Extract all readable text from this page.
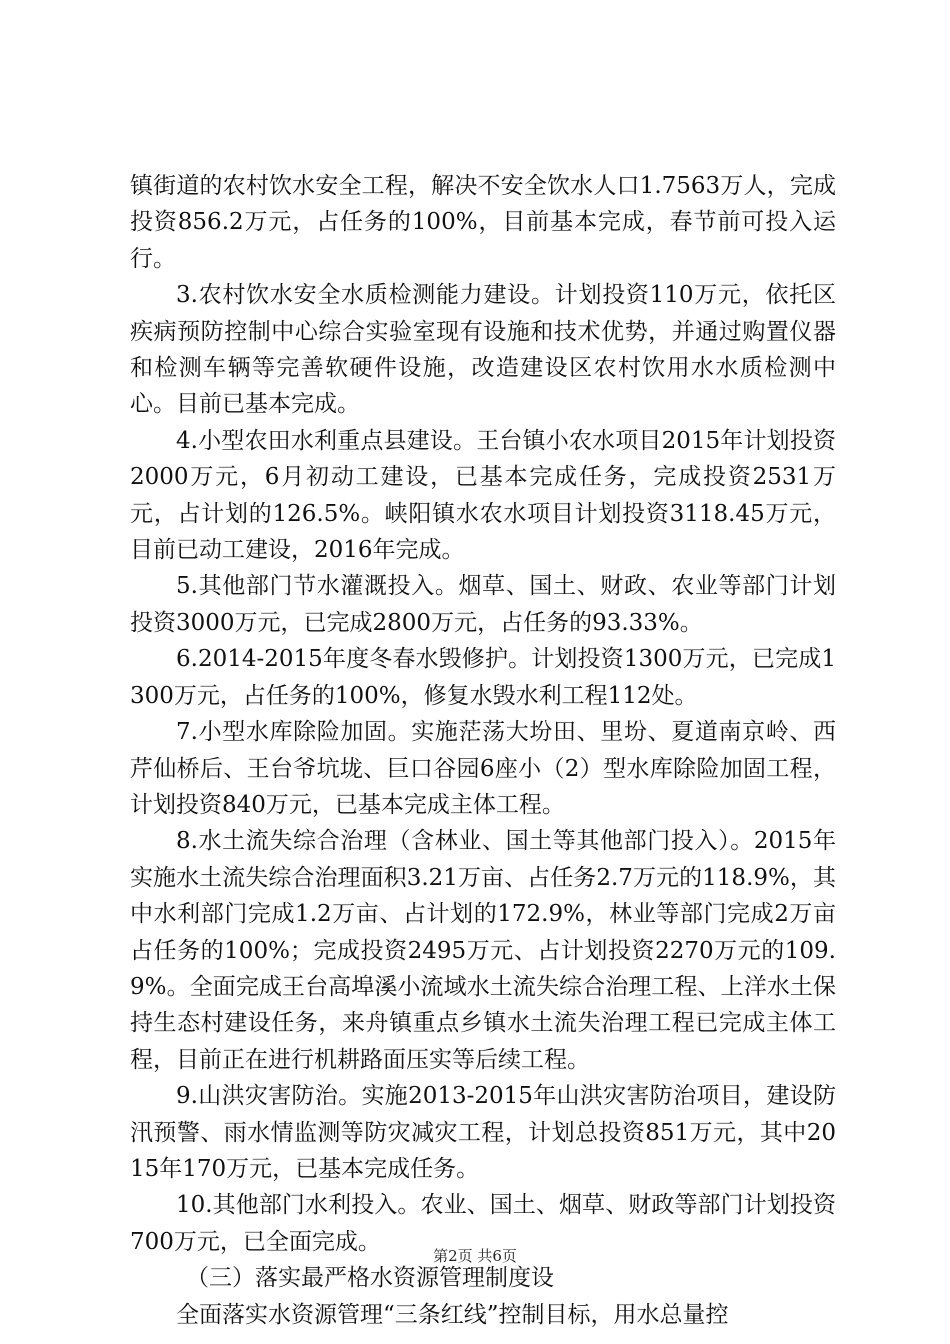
镇街道的农村饮水安全工程，解决不安全饮水人口1.7563万人，完成投资856.2万元，占任务的100%，目前基本完成，春节前可投入运行。

3.农村饮水安全水质检测能力建设。计划投资110万元，依托区疾病预防控制中心综合实验室现有设施和技术优势，并通过购置仪器和检测车辆等完善软硬件设施，改造建设区农村饮用水水质检测中心。目前已基本完成。

4.小型农田水利重点县建设。王台镇小农水项目2015年计划投资2000万元，6月初动工建设，已基本完成任务，完成投资2531万元，占计划的126.5%。峡阳镇水农水项目计划投资3118.45万元，目前已动工建设，2016年完成。

5.其他部门节水灌溉投入。烟草、国土、财政、农业等部门计划投资3000万元，已完成2800万元，占任务的93.33%。

6.2014-2015年度冬春水毁修护。计划投资1300万元，已完成1300万元，占任务的100%，修复水毁水利工程112处。

7.小型水库除险加固。实施茫荡大坋田、里坋、夏道南京岭、西芹仙桥后、王台爷坑垅、巨口谷园6座小（2）型水库除险加固工程，计划投资840万元，已基本完成主体工程。

8.水土流失综合治理（含林业、国土等其他部门投入）。2015年实施水土流失综合治理面积3.21万亩、占任务2.7万元的118.9%，其中水利部门完成1.2万亩、占计划的172.9%，林业等部门完成2万亩占任务的100%；完成投资2495万元、占计划投资2270万元的109.9%。全面完成王台高埠溪小流域水土流失综合治理工程、上洋水土保持生态村建设任务，来舟镇重点乡镇水土流失治理工程已完成主体工程，目前正在进行机耕路面压实等后续工程。

9.山洪灾害防治。实施2013-2015年山洪灾害防治项目，建设防汛预警、雨水情监测等防灾减灾工程，计划总投资851万元，其中2015年170万元，已基本完成任务。

10.其他部门水利投入。农业、国土、烟草、财政等部门计划投资700万元，已全面完成。

（三）落实最严格水资源管理制度设

全面落实水资源管理“三条红线”控制目标，用水总量控

第2页 共6页
